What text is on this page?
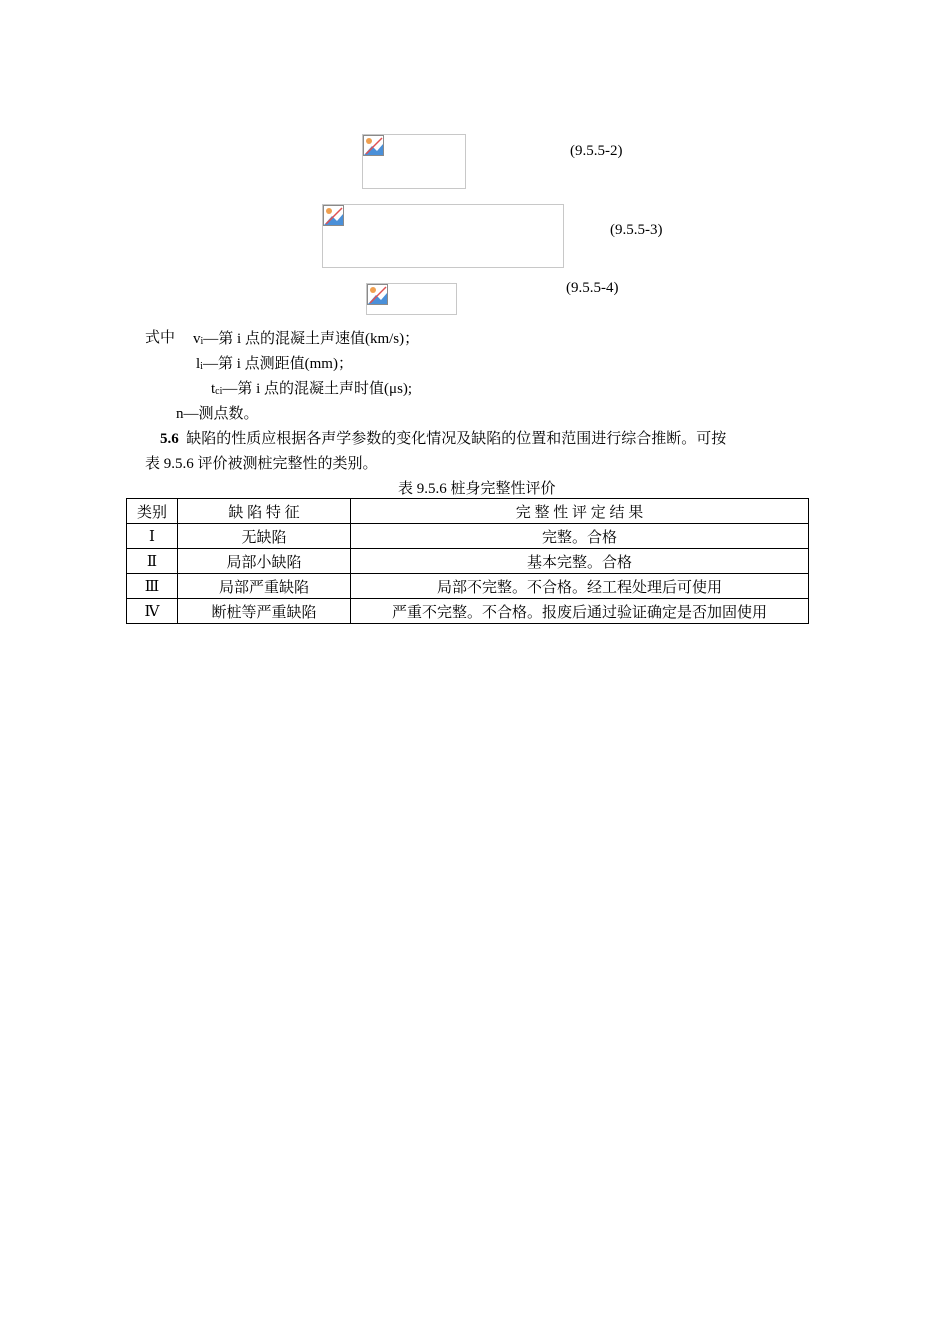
(9.5.5-2)
(9.5.5-3)
(9.5.5-4)
式中 vi—第 i 点的混凝土声速值(km/s)；
li—第 i 点测距值(mm)；
tci—第 i 点的混凝土声时值(μs);
n—测点数。
5.6 缺陷的性质应根据各声学参数的变化情况及缺陷的位置和范围进行综合推断。可按
表 9.5.6 评价被测桩完整性的类别。
表 9.5.6 桩身完整性评价
类别	缺 陷 特 征	完 整 性 评 定 结 果
Ⅰ	无缺陷	完整。合格
Ⅱ	局部小缺陷	基本完整。合格
Ⅲ	局部严重缺陷	局部不完整。不合格。经工程处理后可使用
Ⅳ	断桩等严重缺陷	严重不完整。不合格。报废后通过验证确定是否加固使用
